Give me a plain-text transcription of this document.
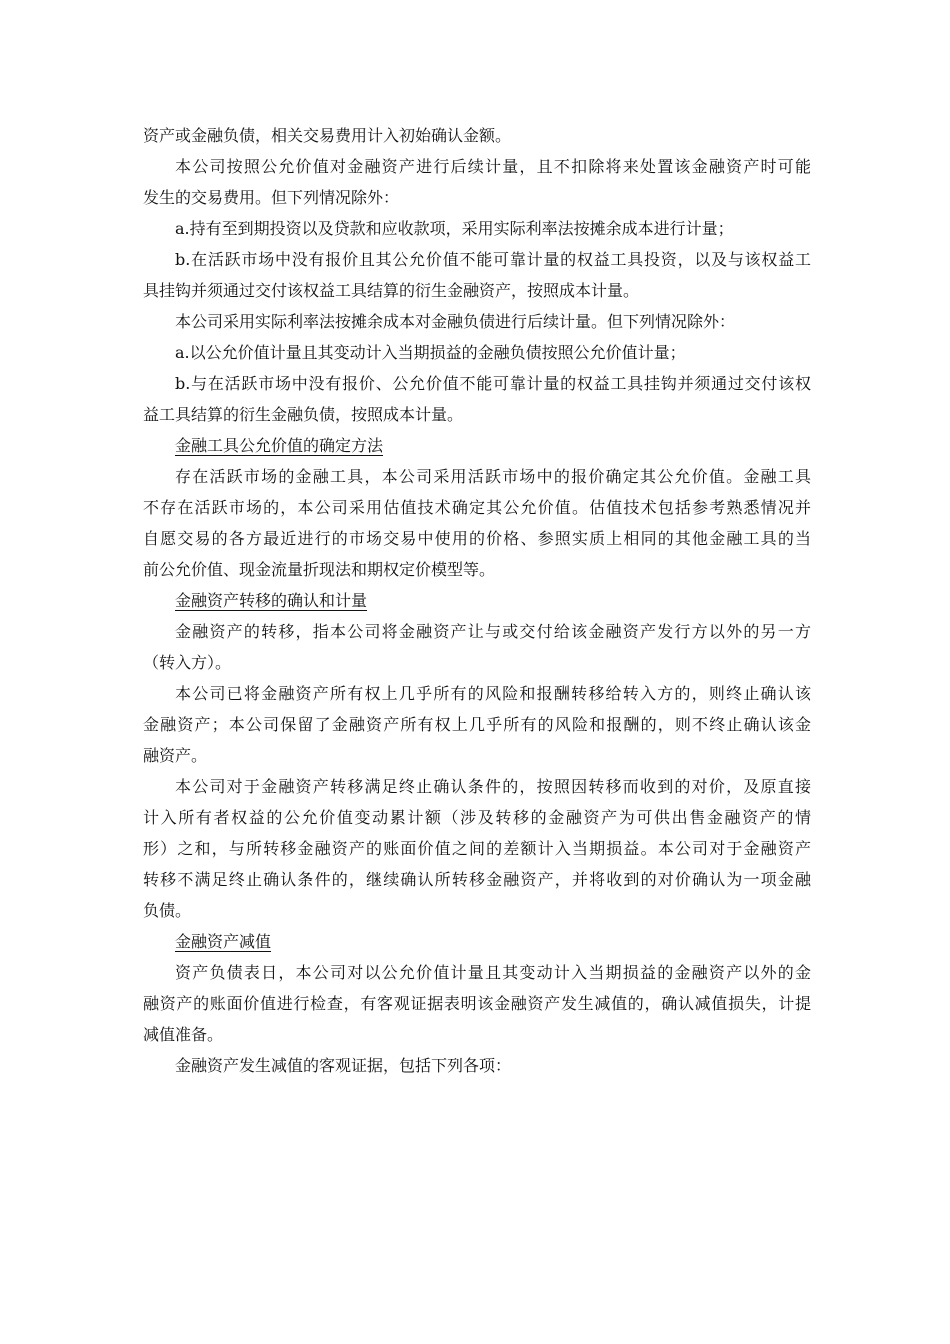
资产或金融负债，相关交易费用计入初始确认金额。
本公司按照公允价值对金融资产进行后续计量，且不扣除将来处置该金融资产时可能
发生的交易费用。但下列情况除外：
a.持有至到期投资以及贷款和应收款项，采用实际利率法按摊余成本进行计量；
b.在活跃市场中没有报价且其公允价值不能可靠计量的权益工具投资，以及与该权益工
具挂钩并须通过交付该权益工具结算的衍生金融资产，按照成本计量。
本公司采用实际利率法按摊余成本对金融负债进行后续计量。但下列情况除外：
a.以公允价值计量且其变动计入当期损益的金融负债按照公允价值计量；
b.与在活跃市场中没有报价、公允价值不能可靠计量的权益工具挂钩并须通过交付该权
益工具结算的衍生金融负债，按照成本计量。
金融工具公允价值的确定方法
存在活跃市场的金融工具，本公司采用活跃市场中的报价确定其公允价值。金融工具
不存在活跃市场的，本公司采用估值技术确定其公允价值。估值技术包括参考熟悉情况并
自愿交易的各方最近进行的市场交易中使用的价格、参照实质上相同的其他金融工具的当
前公允价值、现金流量折现法和期权定价模型等。
金融资产转移的确认和计量
金融资产的转移，指本公司将金融资产让与或交付给该金融资产发行方以外的另一方
（转入方）。
本公司已将金融资产所有权上几乎所有的风险和报酬转移给转入方的，则终止确认该
金融资产；本公司保留了金融资产所有权上几乎所有的风险和报酬的，则不终止确认该金
融资产。
本公司对于金融资产转移满足终止确认条件的，按照因转移而收到的对价，及原直接
计入所有者权益的公允价值变动累计额（涉及转移的金融资产为可供出售金融资产的情
形）之和，与所转移金融资产的账面价值之间的差额计入当期损益。本公司对于金融资产
转移不满足终止确认条件的，继续确认所转移金融资产，并将收到的对价确认为一项金融
负债。
金融资产减值
资产负债表日，本公司对以公允价值计量且其变动计入当期损益的金融资产以外的金
融资产的账面价值进行检查，有客观证据表明该金融资产发生减值的，确认减值损失，计提
减值准备。
金融资产发生减值的客观证据，包括下列各项：
